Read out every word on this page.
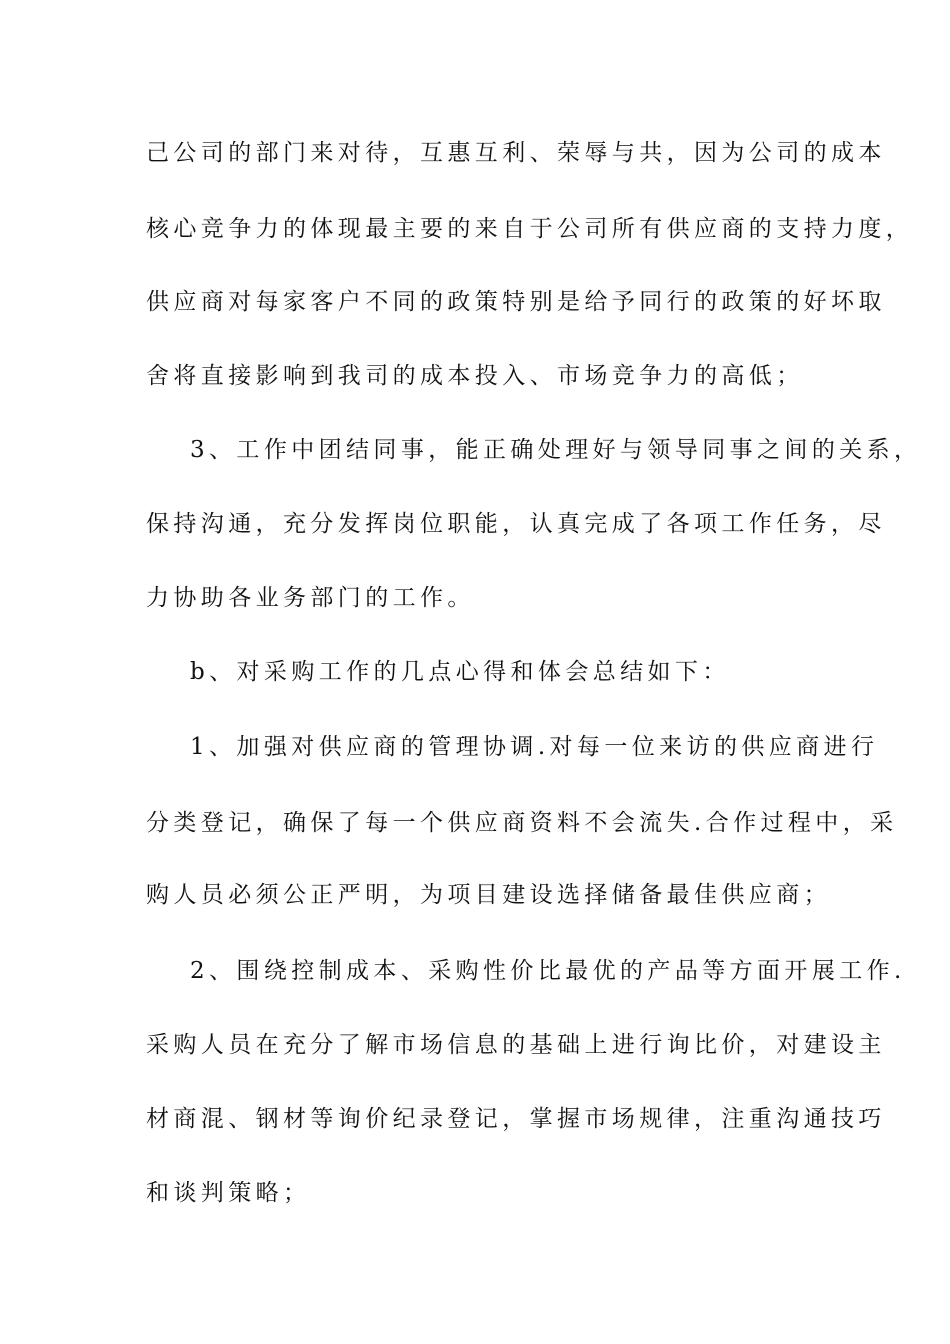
己公司的部门来对待，互惠互利、荣辱与共，因为公司的成本
核心竞争力的体现最主要的来自于公司所有供应商的支持力度，
供应商对每家客户不同的政策特别是给予同行的政策的好坏取
舍将直接影响到我司的成本投入、市场竞争力的高低；
3、工作中团结同事，能正确处理好与领导同事之间的关系，
保持沟通，充分发挥岗位职能，认真完成了各项工作任务，尽
力协助各业务部门的工作。
b、对采购工作的几点心得和体会总结如下：
1、加强对供应商的管理协调.对每一位来访的供应商进行
分类登记，确保了每一个供应商资料不会流失.合作过程中，采
购人员必须公正严明，为项目建设选择储备最佳供应商；
2、围绕控制成本、采购性价比最优的产品等方面开展工作.
采购人员在充分了解市场信息的基础上进行询比价，对建设主
材商混、钢材等询价纪录登记，掌握市场规律，注重沟通技巧
和谈判策略；
